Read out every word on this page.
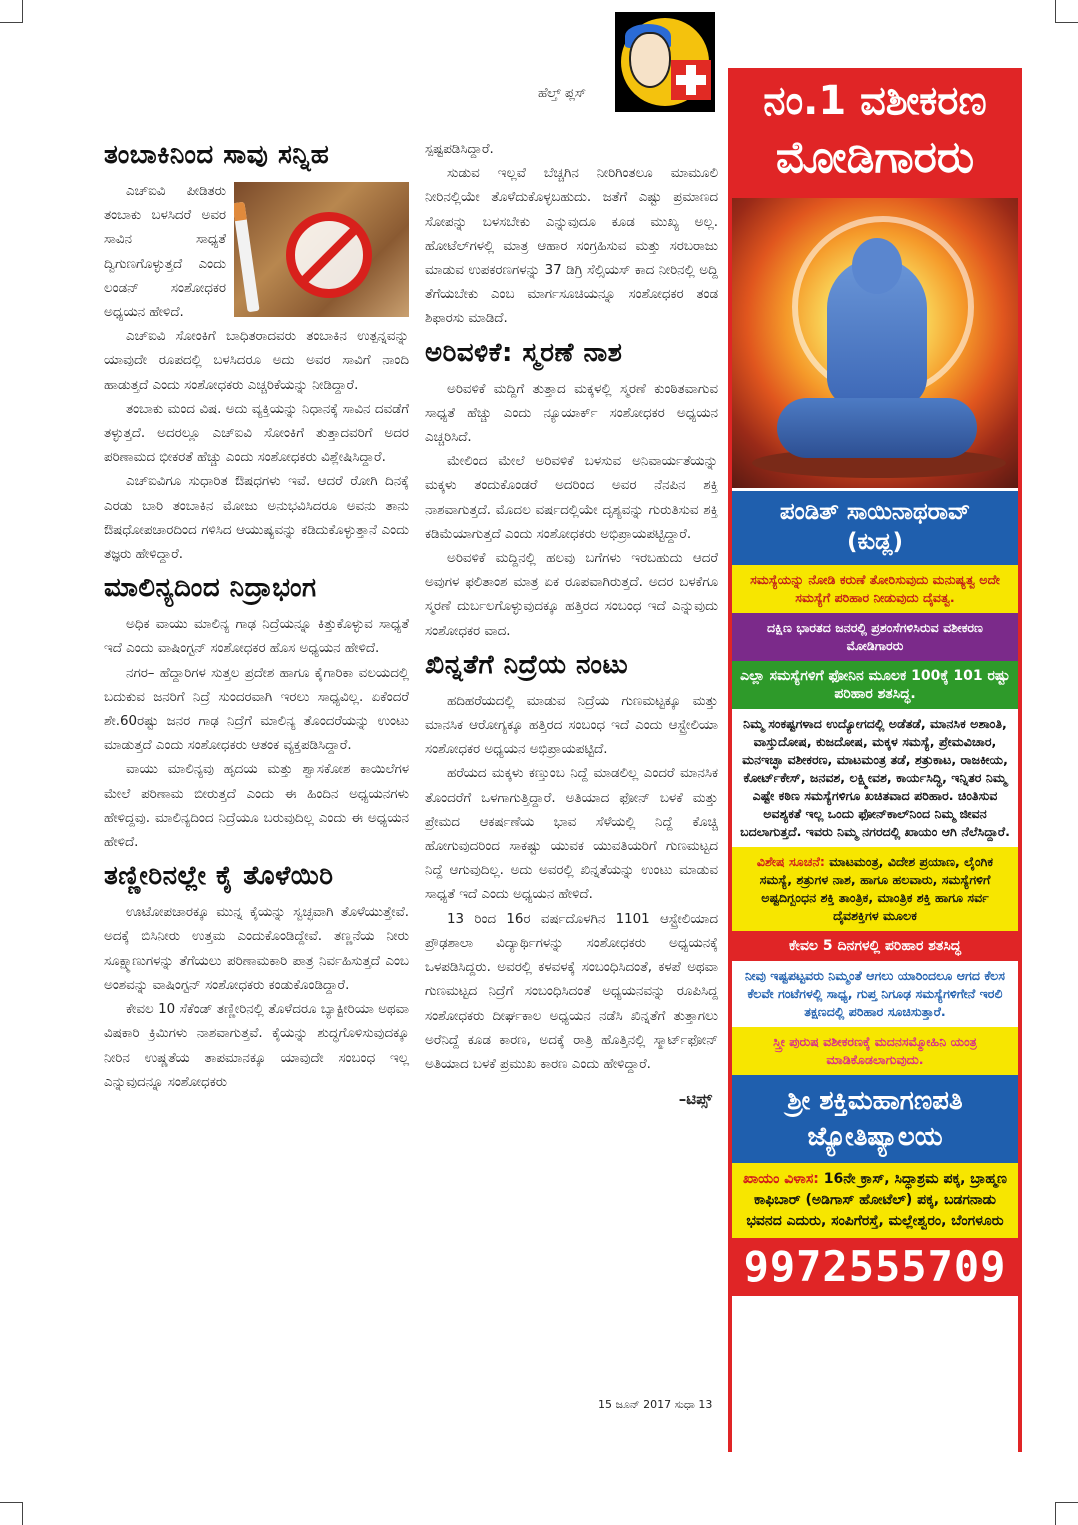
ಹೆಲ್ತ್ ಪ್ಲಸ್
ತಂಬಾಕಿನಿಂದ ಸಾವು ಸನ್ನಿಹ

ಎಚ್‌ಐವಿ ಪೀಡಿತರು ತಂಬಾಕು ಬಳಸಿದರೆ ಅವರ ಸಾವಿನ ಸಾಧ್ಯತೆ ದ್ವಿಗುಣಗೊಳ್ಳುತ್ತದೆ ಎಂದು ಲಂಡನ್ ಸಂಶೋಧಕರ ಅಧ್ಯಯನ ಹೇಳಿದೆ.

ಎಚ್‌ಐವಿ ಸೋಂಕಿಗೆ ಬಾಧಿತರಾದವರು ತಂಬಾಕಿನ ಉತ್ಪನ್ನವನ್ನು ಯಾವುದೇ ರೂಪದಲ್ಲಿ ಬಳಸಿದರೂ ಅದು ಅವರ ಸಾವಿಗೆ ನಾಂದಿ ಹಾಡುತ್ತದೆ ಎಂದು ಸಂಶೋಧಕರು ಎಚ್ಚರಿಕೆಯನ್ನು ನೀಡಿದ್ದಾರೆ.

ತಂಬಾಕು ಮಂದ ವಿಷ. ಅದು ವ್ಯಕ್ತಿಯನ್ನು ನಿಧಾನಕ್ಕೆ ಸಾವಿನ ದವಡೆಗೆ ತಳ್ಳುತ್ತದೆ. ಅದರಲ್ಲೂ ಎಚ್‌ಐವಿ ಸೋಂಕಿಗೆ ತುತ್ತಾದವರಿಗೆ ಅದರ ಪರಿಣಾಮದ ಭೀಕರತೆ ಹೆಚ್ಚು ಎಂದು ಸಂಶೋಧಕರು ವಿಶ್ಲೇಷಿಸಿದ್ದಾರೆ.

ಎಚ್‌ಐವಿಗೂ ಸುಧಾರಿತ ಔಷಧಗಳು ಇವೆ. ಆದರೆ ರೋಗಿ ದಿನಕ್ಕೆ ಎರಡು ಬಾರಿ ತಂಬಾಕಿನ ಮೋಜು ಅನುಭವಿಸಿದರೂ ಅವನು ತಾನು ಔಷಧೋಪಚಾರದಿಂದ ಗಳಿಸಿದ ಆಯುಷ್ಯವನ್ನು ಕಡಿದುಕೊಳ್ಳುತ್ತಾನೆ ಎಂದು ತಜ್ಞರು ಹೇಳಿದ್ದಾರೆ.

ಮಾಲಿನ್ಯದಿಂದ ನಿದ್ರಾಭಂಗ

ಅಧಿಕ ವಾಯು ಮಾಲಿನ್ಯ ಗಾಢ ನಿದ್ರೆಯನ್ನೂ ಕಿತ್ತುಕೊಳ್ಳುವ ಸಾಧ್ಯತೆ ಇದೆ ಎಂದು ವಾಷಿಂಗ್ಟನ್ ಸಂಶೋಧಕರ ಹೊಸ ಅಧ್ಯಯನ ಹೇಳಿದೆ.

ನಗರ– ಹೆದ್ದಾರಿಗಳ ಸುತ್ತಲ ಪ್ರದೇಶ ಹಾಗೂ ಕೈಗಾರಿಕಾ ವಲಯದಲ್ಲಿ ಬದುಕುವ ಜನರಿಗೆ ನಿದ್ರೆ ಸುಂದರವಾಗಿ ಇರಲು ಸಾಧ್ಯವಿಲ್ಲ. ಏಕೆಂದರೆ ಶೇ.60ರಷ್ಟು ಜನರ ಗಾಢ ನಿದ್ರೆಗೆ ಮಾಲಿನ್ಯ ತೊಂದರೆಯನ್ನು ಉಂಟು ಮಾಡುತ್ತದೆ ಎಂದು ಸಂಶೋಧಕರು ಆತಂಕ ವ್ಯಕ್ತಪಡಿಸಿದ್ದಾರೆ.

ವಾಯು ಮಾಲಿನ್ಯವು ಹೃದಯ ಮತ್ತು ಶ್ವಾಸಕೋಶ ಕಾಯಿಲೆಗಳ ಮೇಲೆ ಪರಿಣಾಮ ಬೀರುತ್ತದೆ ಎಂದು ಈ ಹಿಂದಿನ ಅಧ್ಯಯನಗಳು ಹೇಳಿದ್ದವು. ಮಾಲಿನ್ಯದಿಂದ ನಿದ್ರೆಯೂ ಬರುವುದಿಲ್ಲ ಎಂದು ಈ ಅಧ್ಯಯನ ಹೇಳಿದೆ.

ತಣ್ಣೀರಿನಲ್ಲೇ ಕೈ ತೊಳೆಯಿರಿ

ಊಟೋಪಚಾರಕ್ಕೂ ಮುನ್ನ ಕೈಯನ್ನು ಸ್ವಚ್ಛವಾಗಿ ತೊಳೆಯುತ್ತೇವೆ. ಅದಕ್ಕೆ ಬಿಸಿನೀರು ಉತ್ತಮ ಎಂದುಕೊಂಡಿದ್ದೇವೆ. ತಣ್ಣನೆಯ ನೀರು ಸೂಕ್ಷ್ಮಾಣುಗಳನ್ನು ತೆಗೆಯಲು ಪರಿಣಾಮಕಾರಿ ಪಾತ್ರ ನಿರ್ವಹಿಸುತ್ತದೆ ಎಂಬ ಅಂಶವನ್ನು ವಾಷಿಂಗ್ಟನ್ ಸಂಶೋಧಕರು ಕಂಡುಕೊಂಡಿದ್ದಾರೆ.

ಕೇವಲ 10 ಸೆಕೆಂಡ್ ತಣ್ಣೀರಿನಲ್ಲಿ ತೊಳೆದರೂ ಬ್ಯಾಕ್ಟೀರಿಯಾ ಅಥವಾ ವಿಷಕಾರಿ ಕ್ರಿಮಿಗಳು ನಾಶವಾಗುತ್ತವೆ. ಕೈಯನ್ನು ಶುದ್ಧಗೊಳಿಸುವುದಕ್ಕೂ ನೀರಿನ ಉಷ್ಣತೆಯ ತಾಪಮಾನಕ್ಕೂ ಯಾವುದೇ ಸಂಬಂಧ ಇಲ್ಲ ಎನ್ನುವುದನ್ನೂ ಸಂಶೋಧಕರು

ಸ್ಪಷ್ಟಪಡಿಸಿದ್ದಾರೆ.

ಸುಡುವ ಇಲ್ಲವೆ ಬೆಚ್ಚಗಿನ ನೀರಿಗಿಂತಲೂ ಮಾಮೂಲಿ ನೀರಿನಲ್ಲಿಯೇ ತೊಳೆದುಕೊಳ್ಳಬಹುದು. ಜತೆಗೆ ಎಷ್ಟು ಪ್ರಮಾಣದ ಸೋಪನ್ನು ಬಳಸಬೇಕು ಎನ್ನುವುದೂ ಕೂಡ ಮುಖ್ಯ ಅಲ್ಲ. ಹೋಟೆಲ್‌ಗಳಲ್ಲಿ ಮಾತ್ರ ಆಹಾರ ಸಂಗ್ರಹಿಸುವ ಮತ್ತು ಸರಬರಾಜು ಮಾಡುವ ಉಪಕರಣಗಳನ್ನು 37 ಡಿಗ್ರಿ ಸೆಲ್ಸಿಯಸ್‌ ಕಾದ ನೀರಿನಲ್ಲಿ ಅದ್ದಿ ತೆಗೆಯಬೇಕು ಎಂಬ ಮಾರ್ಗಸೂಚಿಯನ್ನೂ ಸಂಶೋಧಕರ ತಂಡ ಶಿಫಾರಸು ಮಾಡಿದೆ.

ಅರಿವಳಿಕೆ: ಸ್ಮರಣೆ ನಾಶ

ಅರಿವಳಿಕೆ ಮದ್ದಿಗೆ ತುತ್ತಾದ ಮಕ್ಕಳಲ್ಲಿ ಸ್ಮರಣೆ ಕುಂಠಿತವಾಗುವ ಸಾಧ್ಯತೆ ಹೆಚ್ಚು ಎಂದು ನ್ಯೂಯಾರ್ಕ್ ಸಂಶೋಧಕರ ಅಧ್ಯಯನ ಎಚ್ಚರಿಸಿದೆ.

ಮೇಲಿಂದ ಮೇಲೆ ಅರಿವಳಿಕೆ ಬಳಸುವ ಅನಿವಾರ್ಯತೆಯನ್ನು ಮಕ್ಕಳು ತಂದುಕೊಂಡರೆ ಅದರಿಂದ ಅವರ ನೆನಪಿನ ಶಕ್ತಿ ನಾಶವಾಗುತ್ತದೆ. ಮೊದಲ ವರ್ಷದಲ್ಲಿಯೇ ದೃಶ್ಯವನ್ನು ಗುರುತಿಸುವ ಶಕ್ತಿ ಕಡಿಮೆಯಾಗುತ್ತದೆ ಎಂದು ಸಂಶೋಧಕರು ಅಭಿಪ್ರಾಯಪಟ್ಟಿದ್ದಾರೆ.

ಅರಿವಳಿಕೆ ಮದ್ದಿನಲ್ಲಿ ಹಲವು ಬಗೆಗಳು ಇರಬಹುದು ಆದರೆ ಅವುಗಳ ಫಲಿತಾಂಶ ಮಾತ್ರ ಏಕ ರೂಪವಾಗಿರುತ್ತದೆ. ಅದರ ಬಳಕೆಗೂ ಸ್ಮರಣೆ ದುರ್ಬಲಗೊಳ್ಳುವುದಕ್ಕೂ ಹತ್ತಿರದ ಸಂಬಂಧ ಇದೆ ಎನ್ನುವುದು ಸಂಶೋಧಕರ ವಾದ.

ಖಿನ್ನತೆಗೆ ನಿದ್ರೆಯ ನಂಟು

ಹದಿಹರೆಯದಲ್ಲಿ ಮಾಡುವ ನಿದ್ರೆಯ ಗುಣಮಟ್ಟಕ್ಕೂ ಮತ್ತು ಮಾನಸಿಕ ಆರೋಗ್ಯಕ್ಕೂ ಹತ್ತಿರದ ಸಂಬಂಧ ಇದೆ ಎಂದು ಆಸ್ಟ್ರೇಲಿಯಾ ಸಂಶೋಧಕರ ಅಧ್ಯಯನ ಅಭಿಪ್ರಾಯಪಟ್ಟಿದೆ.

ಹರೆಯದ ಮಕ್ಕಳು ಕಣ್ತುಂಬ ನಿದ್ದೆ ಮಾಡಲಿಲ್ಲ ಎಂದರೆ ಮಾನಸಿಕ ತೊಂದರೆಗೆ ಒಳಗಾಗುತ್ತಿದ್ದಾರೆ. ಅತಿಯಾದ ಫೋನ್ ಬಳಕೆ ಮತ್ತು ಪ್ರೇಮದ ಆಕರ್ಷಣೆಯ ಭಾವ ಸೆಳೆಯಲ್ಲಿ ನಿದ್ದೆ ಕೊಚ್ಚಿ ಹೋಗುವುದರಿಂದ ಸಾಕಷ್ಟು ಯುವಕ ಯುವತಿಯರಿಗೆ ಗುಣಮಟ್ಟದ ನಿದ್ದೆ ಆಗುವುದಿಲ್ಲ. ಅದು ಅವರಲ್ಲಿ ಖಿನ್ನತೆಯನ್ನು ಉಂಟು ಮಾಡುವ ಸಾಧ್ಯತೆ ಇದೆ ಎಂದು ಅಧ್ಯಯನ ಹೇಳಿದೆ.

13 ರಿಂದ 16ರ ವರ್ಷದೊಳಗಿನ 1101 ಆಸ್ಟ್ರೇಲಿಯಾದ ಪ್ರೌಢಶಾಲಾ ವಿದ್ಯಾರ್ಥಿಗಳನ್ನು ಸಂಶೋಧಕರು ಅಧ್ಯಯನಕ್ಕೆ ಒಳಪಡಿಸಿದ್ದರು. ಅವರಲ್ಲಿ ಕಳವಳಕ್ಕೆ ಸಂಬಂಧಿಸಿದಂತೆ, ಕಳಪೆ ಅಥವಾ ಗುಣಮಟ್ಟದ ನಿದ್ರೆಗೆ ಸಂಬಂಧಿಸಿದಂತೆ ಅಧ್ಯಯನವನ್ನು ರೂಪಿಸಿದ್ದ ಸಂಶೋಧಕರು ದೀರ್ಘಕಾಲ ಅಧ್ಯಯನ ನಡೆಸಿ ಖಿನ್ನತೆಗೆ ತುತ್ತಾಗಲು ಅರೆನಿದ್ದೆ ಕೂಡ ಕಾರಣ, ಅದಕ್ಕೆ ರಾತ್ರಿ ಹೊತ್ತಿನಲ್ಲಿ ಸ್ಮಾರ್ಟ್‌ಫೋನ್ ಅತಿಯಾದ ಬಳಕೆ ಪ್ರಮುಖ ಕಾರಣ ಎಂದು ಹೇಳಿದ್ದಾರೆ.

–ಟಿಪ್ಸ್
15 ಜೂನ್ 2017 ಸುಧಾ 13
ನಂ.1 ವಶೀಕರಣ
ಮೋಡಿಗಾರರು
ಪಂಡಿತ್ ಸಾಯಿನಾಥರಾವ್
(ಕುಡ್ಲ)
ಸಮಸ್ಯೆಯನ್ನು ನೋಡಿ ಕರುಣೆ ತೋರಿಸುವುದು ಮನುಷ್ಯತ್ವ ಅದೇ ಸಮಸ್ಯೆಗೆ ಪರಿಹಾರ ನೀಡುವುದು ದೈವತ್ವ.
ದಕ್ಷಿಣ ಭಾರತದ ಜನರಲ್ಲಿ ಪ್ರಶಂಸೆಗಳಿಸಿರುವ ವಶೀಕರಣ ಮೋಡಿಗಾರರು
ಎಲ್ಲಾ ಸಮಸ್ಯೆಗಳಿಗೆ ಫೋನಿನ ಮೂಲಕ 100ಕ್ಕೆ 101 ರಷ್ಟು ಪರಿಹಾರ ಶತಸಿದ್ಧ.
ನಿಮ್ಮ ಸಂಕಷ್ಟಗಳಾದ ಉದ್ಯೋಗದಲ್ಲಿ ಅಡೆತಡೆ, ಮಾನಸಿಕ ಅಶಾಂತಿ, ವಾಸ್ತುದೋಷ, ಕುಜದೋಷ, ಮಕ್ಕಳ ಸಮಸ್ಯೆ, ಪ್ರೇಮವಿಚಾರ, ಮನಇಚ್ಛಾ ವಶೀಕರಣ, ಮಾಟಮಂತ್ರ ತಡೆ, ಶತ್ರುಕಾಟ, ರಾಜಕೀಯ, ಕೋರ್ಟ್‌ಕೇಸ್, ಜನವಶ, ಲಕ್ಷ್ಮೀವಶ, ಕಾರ್ಯಸಿದ್ಧಿ, ಇನ್ನಿತರ ನಿಮ್ಮ ಎಷ್ಟೇ ಕಠಿಣ ಸಮಸ್ಯೆಗಳಿಗೂ ಖಚಿತವಾದ ಪರಿಹಾರ. ಚಿಂತಿಸುವ ಅವಶ್ಯಕತೆ ಇಲ್ಲ ಒಂದು ಫೋನ್‌ಕಾಲ್‌ನಿಂದ ನಿಮ್ಮ ಜೀವನ ಬದಲಾಗುತ್ತದೆ. ಇವರು ನಿಮ್ಮ ನಗರದಲ್ಲಿ ಖಾಯಂ ಆಗಿ ನೆಲೆಸಿದ್ದಾರೆ.
ವಿಶೇಷ ಸೂಚನೆ: ಮಾಟಮಂತ್ರ, ವಿದೇಶ ಪ್ರಯಾಣ, ಲೈಂಗಿಕ ಸಮಸ್ಯೆ, ಶತ್ರುಗಳ ನಾಶ, ಹಾಗೂ ಹಲವಾರು, ಸಮಸ್ಯೆಗಳಿಗೆ ಅಷ್ಟದಿಗ್ಬಂಧನ ಶಕ್ತಿ ತಾಂತ್ರಿಕ, ಮಾಂತ್ರಿಕ ಶಕ್ತಿ ಹಾಗೂ ಸರ್ವ ದೈವಶಕ್ತಿಗಳ ಮೂಲಕ
ಕೇವಲ 5 ದಿನಗಳಲ್ಲಿ ಪರಿಹಾರ ಶತಸಿದ್ಧ
ನೀವು ಇಷ್ಟಪಟ್ಟವರು ನಿಮ್ಮಂತೆ ಆಗಲು ಯಾರಿಂದಲೂ ಆಗದ ಕೆಲಸ ಕೆಲವೇ ಗಂಟೆಗಳಲ್ಲಿ ಸಾಧ್ಯ, ಗುಪ್ತ ನಿಗೂಢ ಸಮಸ್ಯೆಗಳಿಗೇನೆ ಇರಲಿ ತಕ್ಷಣದಲ್ಲಿ ಪರಿಹಾರ ಸೂಚಿಸುತ್ತಾರೆ.
ಸ್ತ್ರೀ ಪುರುಷ ವಶೀಕರಣಕ್ಕೆ ಮದನಸಮ್ಮೋಹಿನಿ ಯಂತ್ರ ಮಾಡಿಕೊಡಲಾಗುವುದು.
ಶ್ರೀ ಶಕ್ತಿಮಹಾಗಣಪತಿ ಜ್ಯೋತಿಷ್ಯಾಲಯ
ಖಾಯಂ ವಿಳಾಸ: 16ನೇ ಕ್ರಾಸ್, ಸಿದ್ಧಾಶ್ರಮ ಪಕ್ಕ, ಬ್ರಾಹ್ಮಣ ಕಾಫಿಬಾರ್ (ಅಡಿಗಾಸ್ ಹೋಟೆಲ್) ಪಕ್ಕ, ಬಡಗನಾಡು ಭವನದ ಎದುರು, ಸಂಪಿಗೆರಸ್ತೆ, ಮಲ್ಲೇಶ್ವರಂ, ಬೆಂಗಳೂರು
9972555709
